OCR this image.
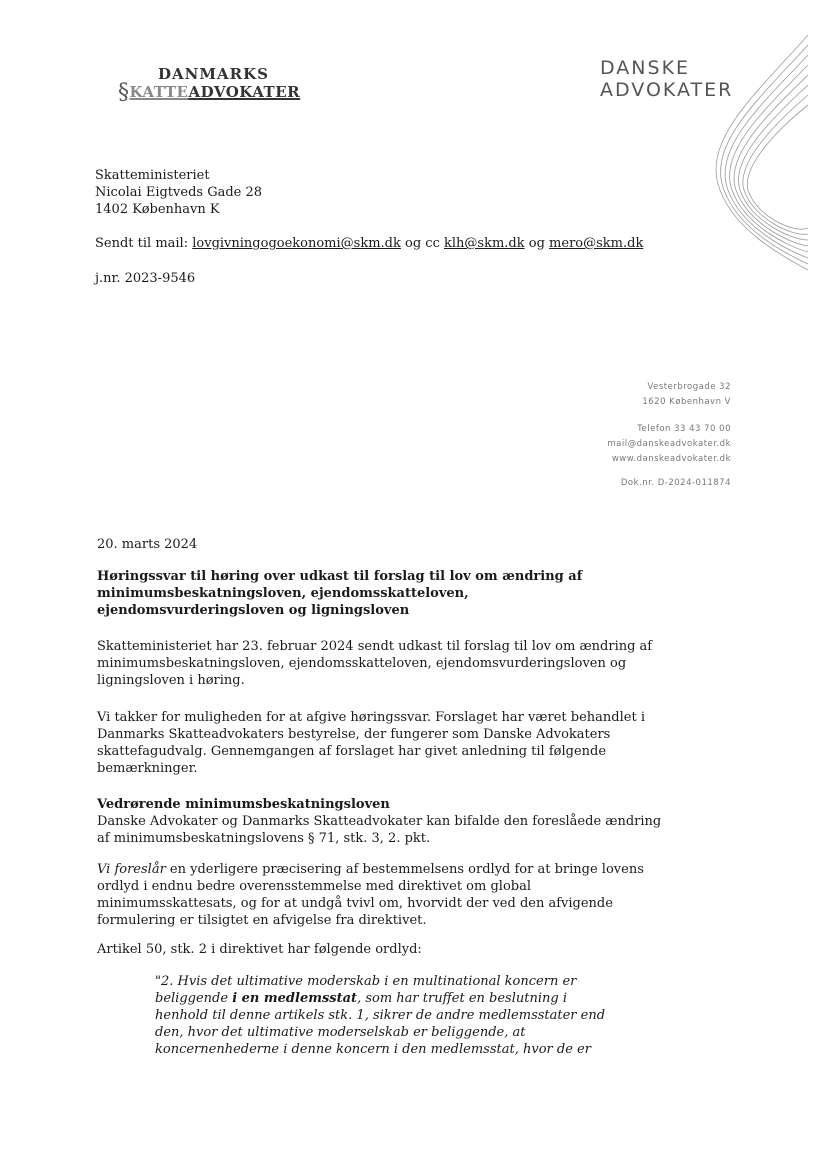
DANMARKS
§ KATTE ADVOKATER
DANSKE
ADVOKATER
Skatteministeriet
Nicolai Eigtveds Gade 28
1402 København K
Sendt til mail: lovgivningogoekonomi@skm.dk og cc klh@skm.dk og mero@skm.dk
j.nr. 2023-9546
Vesterbrogade 32
1620 København V
Telefon 33 43 70 00
mail@danskeadvokater.dk
www.danskeadvokater.dk
Dok.nr. D-2024-011874
20. marts 2024
Høringssvar til høring over udkast til forslag til lov om ændring af
minimumsbeskatningsloven, ejendomsskatteloven,
ejendomsvurderingsloven og ligningsloven
Skatteministeriet har 23. februar 2024 sendt udkast til forslag til lov om ændring af
minimumsbeskatningsloven, ejendomsskatteloven, ejendomsvurderingsloven og
ligningsloven i høring.
Vi takker for muligheden for at afgive høringssvar. Forslaget har været behandlet i
Danmarks Skatteadvokaters bestyrelse, der fungerer som Danske Advokaters
skattefagudvalg. Gennemgangen af forslaget har givet anledning til følgende
bemærkninger.
Vedrørende minimumsbeskatningsloven
Danske Advokater og Danmarks Skatteadvokater kan bifalde den foreslåede ændring
af minimumsbeskatningslovens § 71, stk. 3, 2. pkt.
Vi foreslår en yderligere præcisering af bestemmelsens ordlyd for at bringe lovens
ordlyd i endnu bedre overensstemmelse med direktivet om global
minimumsskattesats, og for at undgå tvivl om, hvorvidt der ved den afvigende
formulering er tilsigtet en afvigelse fra direktivet.
Artikel 50, stk. 2 i direktivet har følgende ordlyd:
"2. Hvis det ultimative moderskab i en multinational koncern er
beliggende i en medlemsstat, som har truffet en beslutning i
henhold til denne artikels stk. 1, sikrer de andre medlemsstater end
den, hvor det ultimative moderselskab er beliggende, at
koncernenhederne i denne koncern i den medlemsstat, hvor de er
